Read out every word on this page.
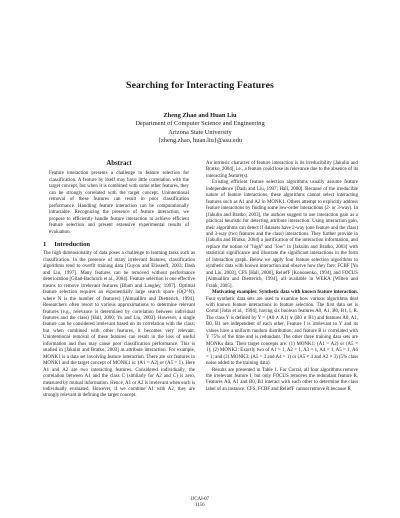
Searching for Interacting Features
Zheng Zhao and Huan Liu
Department of Computer Science and Engineering
Arizona State University
{zheng.zhao, huan.liu}@asu.edu
Abstract

Feature interaction presents a challenge to feature selection for classification. A feature by itself may have little correlation with the target concept, but when it is combined with some other features, they can be strongly correlated with the target concept. Unintentional removal of these features can result in poor classification performance. Handling feature interaction can be computationally intractable. Recognizing the presence of feature interaction, we propose to efficiently handle feature interaction to achieve efficient feature selection and present extensive experimental results of evaluation.

1 Introduction

The high dimensionality of data poses a challenge to learning tasks such as classification. In the presence of many irrelevant features, classification algorithms tend to overfit training data [Guyon and Elisseeff, 2003; Dash and Liu, 1997]. Many features can be removed without performance deterioration [Gilad-Bachrach et al., 2004]. Feature selection is one effective means to remove irrelevant features [Blum and Langley, 1997]. Optimal feature selection requires an exponentially large search space (O(2^N), where N is the number of features) [Almuallim and Dietterich, 1994]. Researchers often resort to various approximations to determine relevant features (e.g., relevance is determined by correlation between individual features and the class) [Hall, 2000; Yu and Liu, 2003]. However, a single feature can be considered irrelevant based on its correlation with the class; but when combined with other features, it becomes very relevant. Unintentional removal of these features can result in the loss of useful information and thus may cause poor classification performance. This is studied in [Jakulin and Bratko, 2003] as attribute interaction. For example, MONK1 is a data set involving feature interaction. There are six features in MONK1 and the target concept of MONK1 is: (A1 = A2) or (A5 = 1). Here A1 and A2 are two interacting features. Considered individually, the correlation between A1 and the class C (similarly for A2 and C) is zero, measured by mutual information. Hence, A1 or A2 is irrelevant when each is individually evaluated. However, if we combine A1 with A2, they are strongly relevant in defining the target concept.

An intrinsic character of feature interaction is its irreducibility [Jakulin and Bratko, 2004], i.e., a feature could lose its relevance due to the absence of its interacting feature(s).

Existing efficient feature selection algorithms usually assume feature independence [Dash and Liu, 1997; Hall, 2000]. Because of the irreducible nature of feature interactions, these algorithms cannot select interacting features such as A1 and A2 in MONK1. Others attempt to explicitly address feature interactions by finding some low-order interactions (2- or 3-way). In [Jakulin and Bratko, 2003], the authors suggest to use interaction gain as a practical heuristic for detecting attribute interaction. Using interaction gain, their algorithms can detect if datasets have 2-way (one feature and the class) and 3-way (two features and the class) interactions. They further provide in [Jakulin and Bratko, 2004] a justification of the interaction information, and replace the notion of "high" and "low" in [Jakulin and Bratko, 2003] with statistical significance and illustrate the significant interactions in the form of interaction graph. Below we apply four feature selection algorithms to synthetic data with known interaction and observe how they fare: FCBF [Yu and Liu, 2003], CFS [Hall, 2000], ReliefF [Kononenko, 1994], and FOCUS [Almuallim and Dietterich, 1994], all available in WEKA [Witten and Frank, 2005].

Motivating examples: Synthetic data with known feature interaction. Four synthetic data sets are used to examine how various algorithms deal with known feature interactions in feature selection. The first data set is Corral [John et al., 1994], having six boolean features A0, A1, B0, B1, I, R. The class Y is defined by Y = (A0 ∧ A1) ∨ (B0 ∧ B1) and features A0, A1, B0, B1 are independent of each other. Feature I is irrelevant to Y and its values have a uniform random distribution; and feature R is correlated with Y 75% of the time and is redundant. The other three training data sets are MONKs data. Their target concepts are: (1) MONK1: (A1 = A2) or (A5 = 1); (2) MONK2: Exactly two of A1 = 1, A2 = 1, A3 = 1, A4 = 1, A5 = 1, A6 = 1; and (3) MONK3: (A5 = 3 and A4 = 1) or (A5 ≠ 4 and A2 ≠ 3) (5% class noise added to the training data).

Results are presented in Table 1. For Corral, all four algorithms remove the irrelevant feature I, but only FOCUS removes the redundant feature R. Features A0, A1 and B0, B1 interact with each other to determine the class label of an instance. CFS, FCBF and ReliefF cannot remove R because R

IJCAI-07
1156
